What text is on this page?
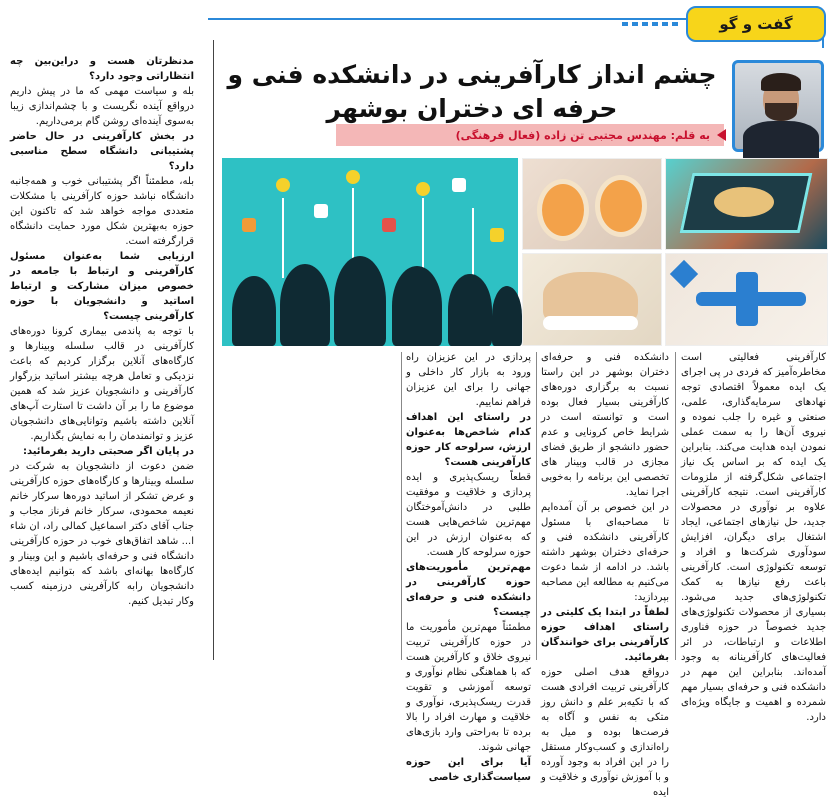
گفت و گو
چشم انداز کارآفرینی در دانشکده فنی و حرفه ای دختران بوشهر
به قلم: مهندس مجتبی تن زاده (فعال فرهنگی)

مدنظرتان هست و دراین‌بین چه انتظاراتی وجود دارد؟

بله و سیاست مهمی که ما در پیش داریم درواقع آینده نگریست و با چشم‌اندازی زیبا به‌سوی آینده‌ای روشن گام برمی‌داریم.

در بخش کارآفرینی در حال حاضر پشتیبانی دانشگاه سطح مناسبی دارد؟

بله، مطمئناً اگر پشتیبانی خوب و همه‌جانبه دانشگاه نباشد حوزه کارآفرینی با مشکلات متعددی مواجه خواهد شد که تاکنون این حوزه به‌بهترین شکل مورد حمایت دانشگاه قرارگرفته است.

ارزیابی شما به‌عنوان مسئول کارآفرینی و ارتباط با جامعه در خصوص میزان مشارکت و ارتباط اساتید و دانشجویان با حوزه کارآفرینی چیست؟

با توجه به پاندمی بیماری کرونا دوره‌های کارآفرینی در قالب سلسله وبینارها و کارگاه‌های آنلاین برگزار کردیم که باعث نزدیکی و تعامل هرچه بیشتر اساتید بزرگوار کارآفرینی و دانشجویان عزیز شد که همین موضوع ما را بر آن داشت تا استارت آپ‌های آنلاین داشته باشیم وتوانایی‌های دانشجویان عزیز و توانمندمان را به نمایش بگذاریم.

در پایان اگر صحبتی دارید بفرمائید:

ضمن دعوت از دانشجویان به شرکت در سلسله وبینارها و کارگاه‌های حوزه کارآفرینی و عرض تشکر از اساتید دوره‌ها سرکار خانم نعیمه محمودی، سرکار خانم فرناز مجاب و جناب آقای دکتر اسماعیل کمالی راد، ان شاء ا... شاهد اتفاق‌های خوب در حوزه کارآفرینی دانشگاه فنی و حرفه‌ای باشیم و این وبینار و کارگاه‌ها بهانه‌ای باشد که بتوانیم ایده‌های دانشجویان رابه کارآفرینی درزمینه کسب وکار تبدیل کنیم.

کارآفرینی فعالیتی است مخاطره‌آمیز که فردی در پی اجرای یک ایده معمولاً اقتصادی توجه نهادهای سرمایه‌گذاری، علمی، صنعتی و غیره را جلب نموده و نیروی آن‌ها را به سمت عملی نمودن ایده هدایت می‌کند. بنابراین یک ایده که بر اساس یک نیاز اجتماعی شکل‌گرفته از ملزومات کارآفرینی است. نتیجه کارآفرینی علاوه بر نوآوری در محصولات جدید، حل نیازهای اجتماعی، ایجاد اشتغال برای دیگران، افزایش سودآوری شرکت‌ها و افراد و توسعه تکنولوژی است. کارآفرینی باعث رفع نیازها به کمک تکنولوژی‌های جدید می‌شود. بسیاری از محصولات تکنولوژی‌های جدید خصوصاً در حوزه فناوری اطلاعات و ارتباطات، در اثر فعالیت‌های کارآفرینانه به وجود آمده‌اند. بنابراین این مهم در دانشکده فنی و حرفه‌ای بسیار مهم شمرده و اهمیت و جایگاه ویژه‌ای دارد.

دانشکده فنی و حرفه‌ای دختران بوشهر در این راستا نسبت به برگزاری دوره‌های کارآفرینی بسیار فعال بوده است و توانسته است در شرایط خاص کرونایی و عدم حضور دانشجو از طریق فضای مجازی در قالب وبینار های تخصصی این برنامه را به‌خوبی اجرا نماید.

در این خصوص بر آن آمده‌ایم تا مصاحبه‌ای با مسئول کارآفرینی دانشکده فنی و حرفه‌ای دختران بوشهر داشته باشد. در ادامه از شما دعوت می‌کنیم به مطالعه این مصاحبه بپردازید:

لطفاً در ابتدا یک کلیتی در راستای اهداف حوزه کارآفرینی برای خوانندگان بفرمائید.

درواقع هدف اصلی حوزه کارآفرینی تربیت افرادی هست که با تکیه‌بر علم و دانش روز متکی به نفس و آگاه به فرصت‌ها بوده و میل به راه‌اندازی و کسب‌وکار مستقل را در این افراد به وجود آورده و با آموزش نوآوری و خلاقیت و ایده

پردازی در این عزیزان راه ورود به بازار کار داخلی و جهانی را برای این عزیزان فراهم نماییم.

در راستای این اهداف کدام شاخص‌ها به‌عنوان ارزش، سرلوحه کار حوزه کارآفرینی هست؟

قطعاً ریسک‌پذیری و ایده پردازی و خلاقیت و موفقیت طلبی در دانش‌آموختگان مهم‌ترین شاخص‌هایی هست که به‌عنوان ارزش در این حوزه سرلوحه کار هست.

مهم‌ترین مأموریت‌های حوزه کارآفرینی در دانشکده فنی و حرفه‌ای چیست؟

مطمئناً مهم‌ترین مأموریت ما در حوزه کارآفرینی تربیت نیروی خلاق و کارآفرین هست که با هماهنگی نظام نوآوری و توسعه آموزشی و تقویت قدرت ریسک‌پذیری، نوآوری و خلاقیت و مهارت افراد را بالا برده تا به‌راحتی وارد بازی‌های جهانی شوند.

آیا برای این حوزه سیاست‌گذاری خاصی
